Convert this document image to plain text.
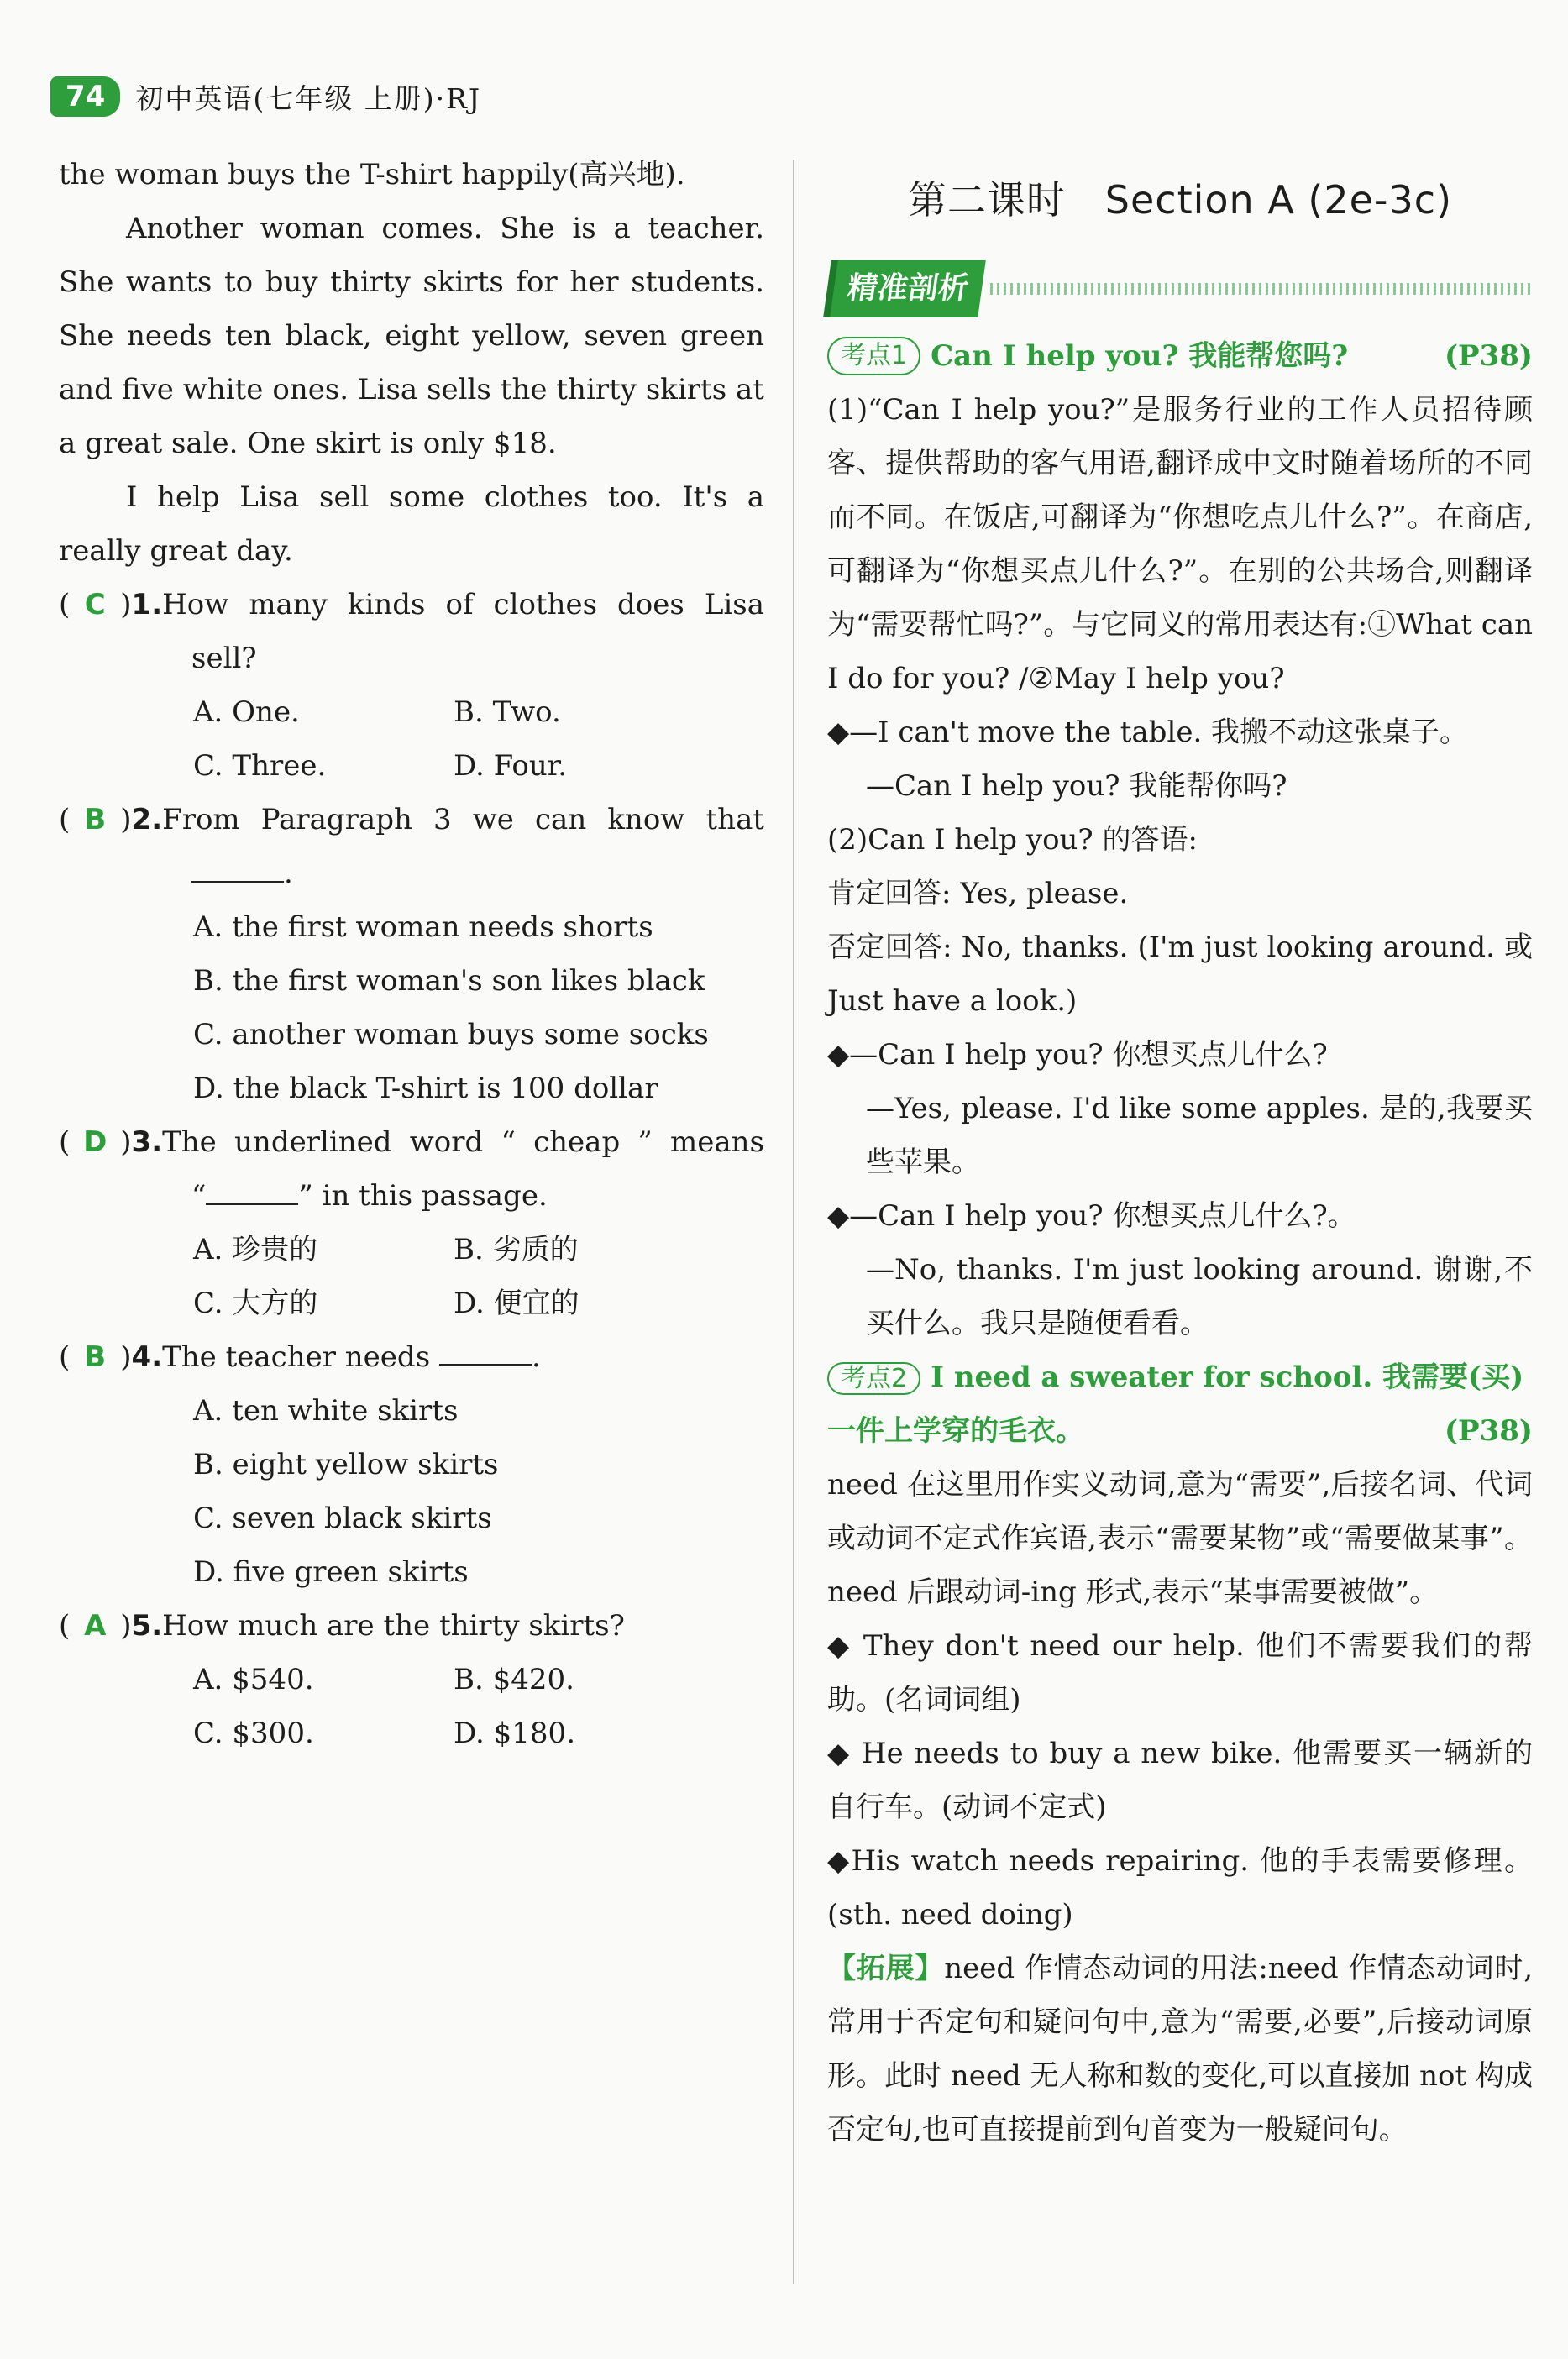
74	初中英语(七年级 上册)·RJ

the woman buys the T-shirt happily(高兴地).

Another woman comes. She is a teacher. She wants to buy thirty skirts for her students. She needs ten black, eight yellow, seven green and five white ones. Lisa sells the thirty skirts at a great sale. One skirt is only $18.

I help Lisa sell some clothes too. It's a really great day.

( C ) 1. How many kinds of clothes does Lisa

sell?

A. One.	B. Two.
C. Three.	D. Four.

( B ) 2. From Paragraph 3 we can know that

.

A. the first woman needs shorts

B. the first woman's son likes black

C. another woman buys some socks

D. the black T-shirt is 100 dollar

( D ) 3. The underlined word “ cheap ” means

“	” in this passage.

A. 珍贵的	B. 劣质的
C. 大方的	D. 便宜的

( B ) 4. The teacher needs
	.

A. ten white skirts

B. eight yellow skirts

C. seven black skirts

D. five green skirts

( A ) 5. How much are the thirty skirts?

A. $540.	B. $420.
C. $300.	D. $180.
第二课时   Section A (2e-3c)
精准剖析

考点1 Can I help you? 我能帮您吗?	(P38)

(1)“Can I help you?”是服务行业的工作人员招待顾客、提供帮助的客气用语,翻译成中文时随着场所的不同而不同。在饭店,可翻译为“你想吃点儿什么?”。在商店,可翻译为“你想买点儿什么?”。在别的公共场合,则翻译为“需要帮忙吗?”。与它同义的常用表达有:①What can I do for you? /②May I help you?

◆—I can't move the table. 我搬不动这张桌子。

—Can I help you? 我能帮你吗?

(2)Can I help you? 的答语:

肯定回答: Yes, please.

否定回答: No, thanks. (I'm just looking around. 或 Just have a look.)

◆—Can I help you? 你想买点儿什么?

—Yes, please. I'd like some apples. 是的,我要买些苹果。

◆—Can I help you? 你想买点儿什么?。

—No, thanks. I'm just looking around. 谢谢,不买什么。我只是随便看看。

考点2 I need a sweater for school. 我需要(买)一件上学穿的毛衣。	(P38)

need 在这里用作实义动词,意为“需要”,后接名词、代词或动词不定式作宾语,表示“需要某物”或“需要做某事”。need 后跟动词-ing 形式,表示“某事需要被做”。

◆ They don't need our help. 他们不需要我们的帮助。(名词词组)

◆ He needs to buy a new bike. 他需要买一辆新的自行车。(动词不定式)

◆His watch needs repairing. 他的手表需要修理。(sth. need doing)

【拓展】need 作情态动词的用法:need 作情态动词时,常用于否定句和疑问句中,意为“需要,必要”,后接动词原形。此时 need 无人称和数的变化,可以直接加 not 构成否定句,也可直接提前到句首变为一般疑问句。
